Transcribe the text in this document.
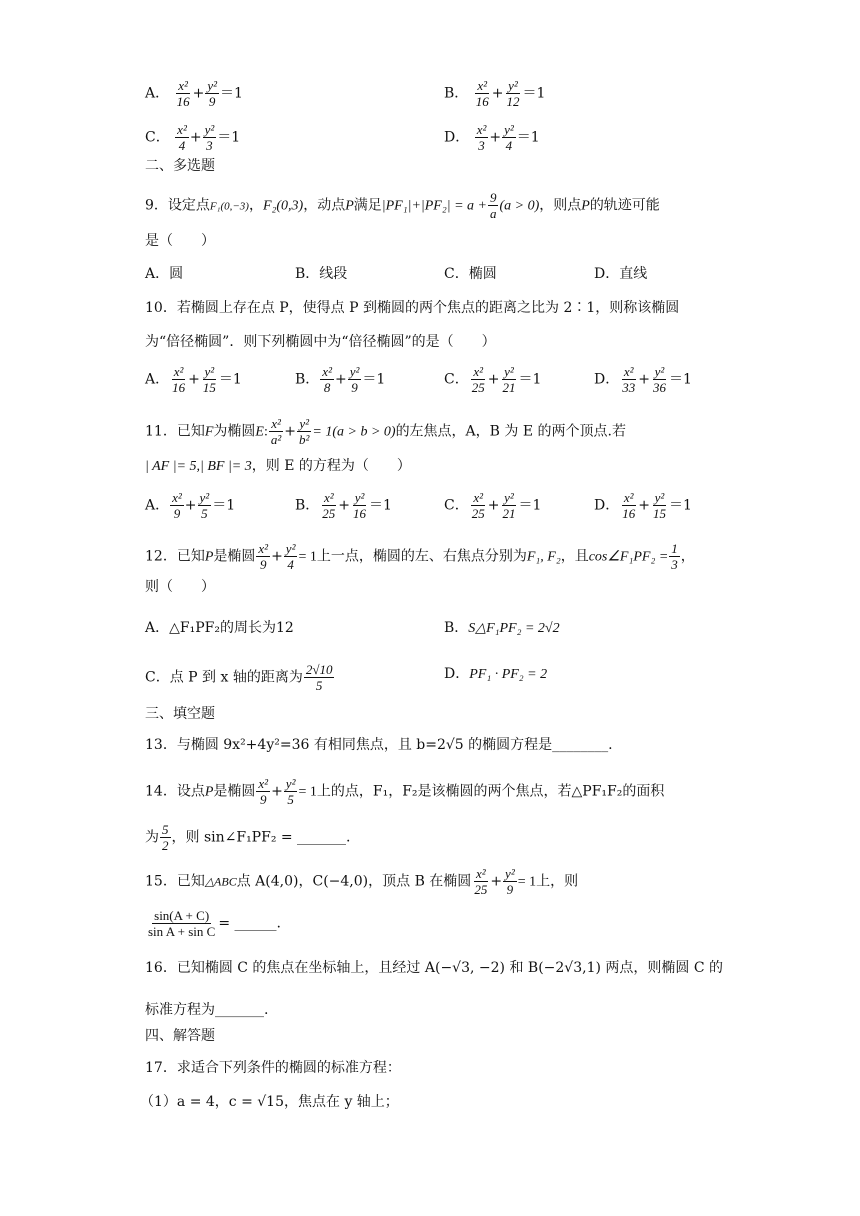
A． $\frac{\text{x²}}{16} + \frac{\text{y²}}{9} =1$	B． $\frac{\text{x²}}{16} + \frac{\text{y²}}{12} =1$
C． $\frac{\text{x²}}{4} + \frac{\text{y²}}{3} =1$	D． $\frac{\text{x²}}{3} + \frac{\text{y²}}{4} =1$
二、多选题
9．设定点F₁(0,−3)，F₂(0,3)，动点P满足$|PF_1|+|PF_2| = a + \frac{9}{a} (a > 0)$，则点P的轨迹可能
是（　　）
A．圆	B．线段	C．椭圆	D．直线
10．若椭圆上存在点 P，使得点 P 到椭圆的两个焦点的距离之比为 2∶1，则称该椭圆
为“倍径椭圆”．则下列椭圆中为“倍径椭圆”的是（　　）
A． $\frac{\text{x²}}{16} + \frac{\text{y²}}{15} =1$	B． $\frac{\text{x²}}{8} + \frac{\text{y²}}{9} =1$	C． $\frac{\text{x²}}{25} + \frac{\text{y²}}{21} =1$	D． $\frac{\text{x²}}{33} + \frac{\text{y²}}{36} =1$
11．已知F为椭圆E: $\frac{\text{x²}}{\text{a²}} + \frac{\text{y²}}{\text{b²}} = 1(a > b > 0)$的左焦点，A，B 为 E 的两个顶点.若
| AF |= 5,| BF |= 3，则 E 的方程为（　　）
A． $\frac{\text{x²}}{9} + \frac{\text{y²}}{5} =1$	B． $\frac{\text{x²}}{25} + \frac{\text{y²}}{16} =1$	C． $\frac{\text{x²}}{25} + \frac{\text{y²}}{21} =1$	D． $\frac{\text{x²}}{16} + \frac{\text{y²}}{15} =1$
12．已知P是椭圆 $\frac{\text{x²}}{9} + \frac{\text{y²}}{4} = 1$上一点，椭圆的左、右焦点分别为F₁, F₂，且cos∠F₁PF₂ = $\frac{1}{3}$ ，
则（　　）
A．△F₁PF₂的周长为12	B．S△F₁PF₂ = 2√2
C．点 P 到 x 轴的距离为 $\frac{2√10}{5}$	D．PF₁ · PF₂ = 2
三、填空题
13．与椭圆 9x²+4y²=36 有相同焦点，且 b=2√5 的椭圆方程是________.
14．设点P是椭圆 $\frac{\text{x²}}{9} + \frac{\text{y²}}{5} = 1$上的点，F₁，F₂是该椭圆的两个焦点，若△PF₁F₂的面积
为 $\frac{5}{2}$ ，则 sin∠F₁PF₂ = _______.
15．已知△ABC点 A(4,0)，C(−4,0)，顶点 B 在椭圆 $\frac{\text{x²}}{25} + \frac{\text{y²}}{9} = 1$上，则
$\frac{\sin(A + C)}{\text{sin A + sin C}}$ = ______.
16．已知椭圆 C 的焦点在坐标轴上，且经过 A(−√3, −2) 和 B(−2√3,1) 两点，则椭圆 C 的
标准方程为_______.
四、解答题
17．求适合下列条件的椭圆的标准方程：
（1）a = 4，c = √15，焦点在 y 轴上；
